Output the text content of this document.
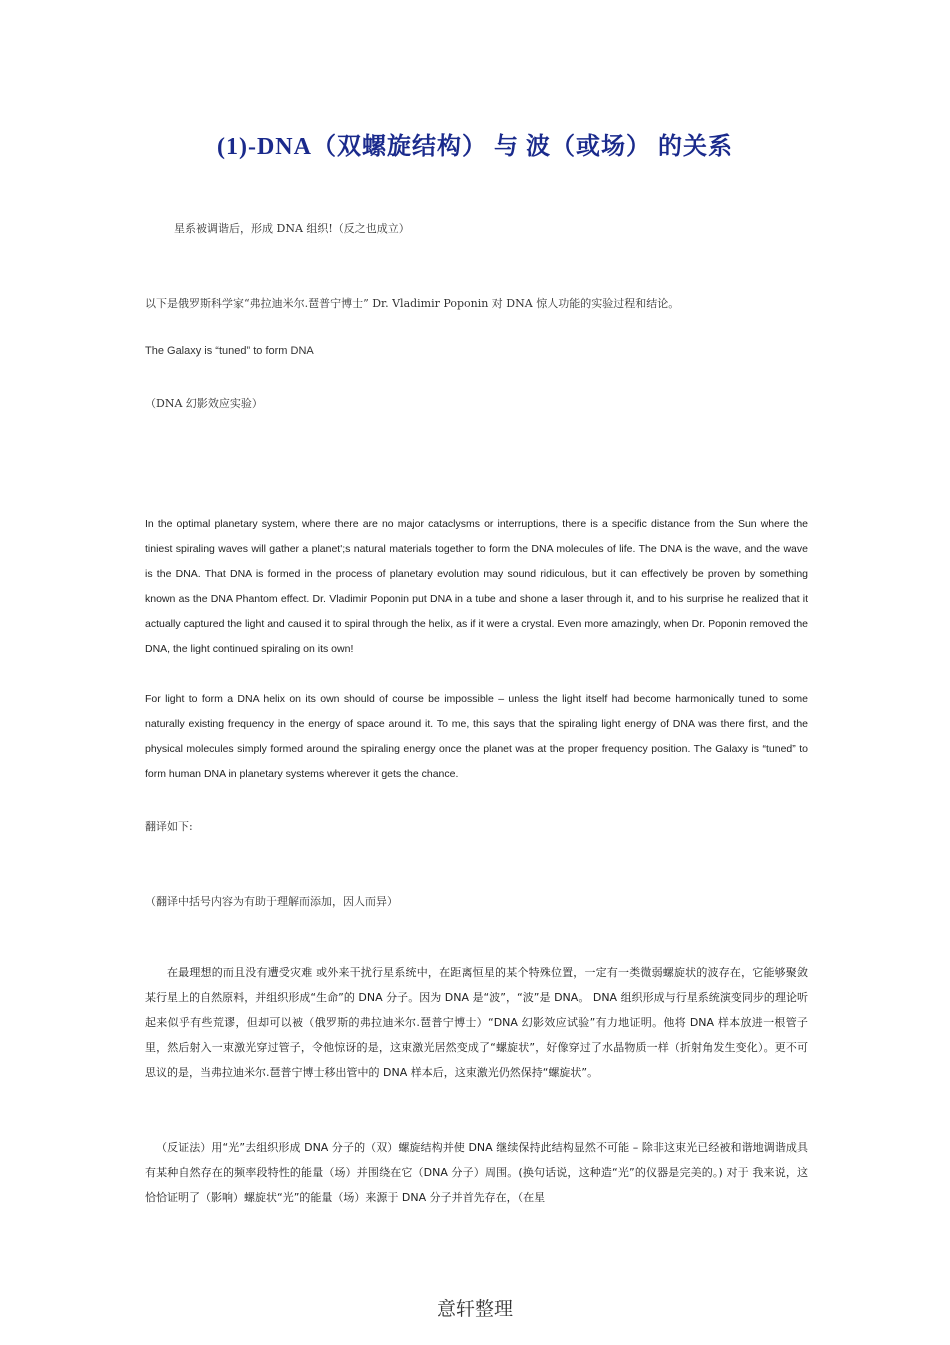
(1)-DNA（双螺旋结构） 与 波（或场） 的关系

星系被调谐后，形成 DNA 组织!（反之也成立）

以下是俄罗斯科学家“弗拉迪米尔.琶普宁博士” Dr. Vladimir Poponin 对 DNA 惊人功能的实验过程和结论。

The Galaxy is “tuned” to form DNA

（DNA 幻影效应实验）

In the optimal planetary system, where there are no major cataclysms or interruptions, there is a specific distance from the Sun where the tiniest spiraling waves will gather a planet';s natural materials together to form the DNA molecules of life. The DNA is the wave, and the wave is the DNA. That DNA is formed in the process of planetary evolution may sound ridiculous, but it can effectively be proven by something known as the DNA Phantom effect. Dr. Vladimir Poponin put DNA in a tube and shone a laser through it, and to his surprise he realized that it actually captured the light and caused it to spiral through the helix, as if it were a crystal. Even more amazingly, when Dr. Poponin removed the DNA, the light continued spiraling on its own!

For light to form a DNA helix on its own should of course be impossible – unless the light itself had become harmonically tuned to some naturally existing frequency in the energy of space around it. To me, this says that the spiraling light energy of DNA was there first, and the physical molecules simply formed around the spiraling energy once the planet was at the proper frequency position. The Galaxy is “tuned” to form human DNA in planetary systems wherever it gets the chance.

翻译如下:

（翻译中括号内容为有助于理解而添加，因人而异）

在最理想的而且没有遭受灾难 或外来干扰行星系统中，在距离恒星的某个特殊位置，一定有一类微弱螺旋状的波存在，它能够聚敛某行星上的自然原料，并组织形成“生命”的 DNA 分子。因为 DNA 是“波”，“波”是 DNA。 DNA 组织形成与行星系统演变同步的理论听起来似乎有些荒谬，但却可以被（俄罗斯的弗拉迪米尔.琶普宁博士）“DNA 幻影效应试验”有力地证明。他将 DNA 样本放进一根管子里，然后射入一束激光穿过管子，令他惊讶的是，这束激光居然变成了“螺旋状”，好像穿过了水晶物质一样（折射角发生变化）。更不可 思议的是，当弗拉迪米尔.琶普宁博士移出管中的 DNA 样本后，这束激光仍然保持“螺旋状”。

（反证法）用“光”去组织形成 DNA 分子的（双）螺旋结构并使 DNA 继续保持此结构显然不可能 – 除非这束光已经被和谐地调谐成具有某种自然存在的频率段特性的能量（场）并围绕在它（DNA 分子）周围。(换句话说，这种造“光”的仪器是完美的。) 对于 我来说，这恰恰证明了（影响）螺旋状“光”的能量（场）来源于 DNA 分子并首先存在，（在星

意轩整理
